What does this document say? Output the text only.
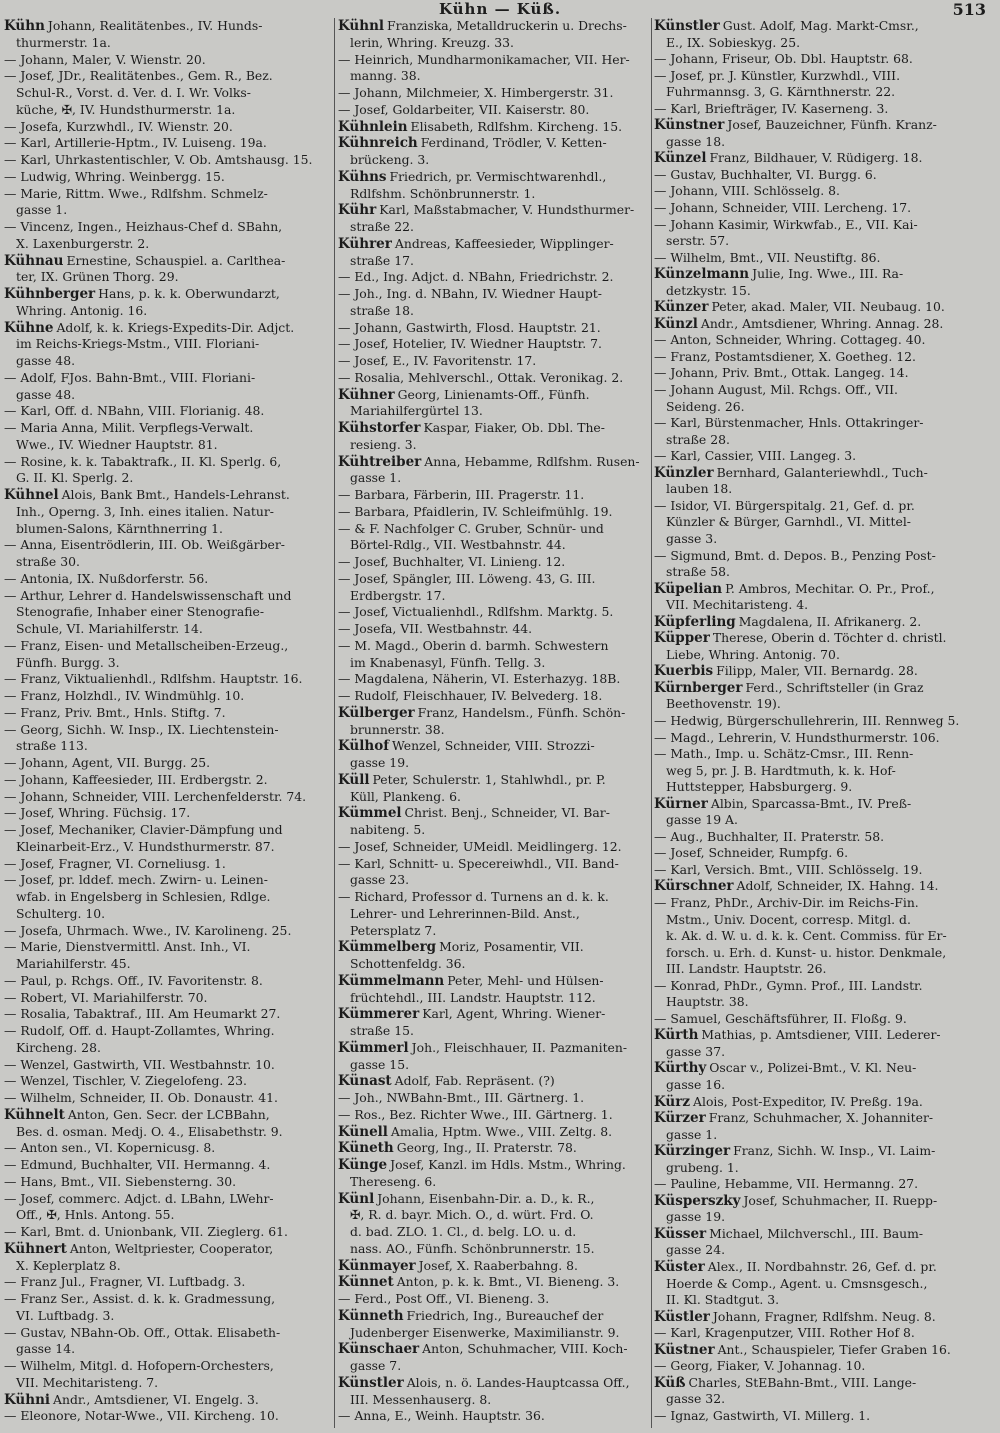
Kühn — Küß.	513
Kühn Johann, Realitätenbes., IV. Hunds-
thurmerstr. 1a.
— Johann, Maler, V. Wienstr. 20.
— Josef, JDr., Realitätenbes., Gem. R., Bez.
Schul-R., Vorst. d. Ver. d. I. Wr. Volks-
küche, ✠, IV. Hundsthurmerstr. 1a.
— Josefa, Kurzwhdl., IV. Wienstr. 20.
— Karl, Artillerie-Hptm., IV. Luiseng. 19a.
— Karl, Uhrkastentischler, V. Ob. Amtshausg. 15.
— Ludwig, Whring. Weinbergg. 15.
— Marie, Rittm. Wwe., Rdlfshm. Schmelz-
gasse 1.
— Vincenz, Ingen., Heizhaus-Chef d. SBahn,
X. Laxenburgerstr. 2.
Kühnau Ernestine, Schauspiel. a. Carlthea-
ter, IX. Grünen Thorg. 29.
Kühnberger Hans, p. k. k. Oberwundarzt,
Whring. Antonig. 16.
Kühne Adolf, k. k. Kriegs-Expedits-Dir. Adjct.
im Reichs-Kriegs-Mstm., VIII. Floriani-
gasse 48.
— Adolf, FJos. Bahn-Bmt., VIII. Floriani-
gasse 48.
— Karl, Off. d. NBahn, VIII. Florianig. 48.
— Maria Anna, Milit. Verpflegs-Verwalt.
Wwe., IV. Wiedner Hauptstr. 81.
— Rosine, k. k. Tabaktrafk., II. Kl. Sperlg. 6,
G. II. Kl. Sperlg. 2.
Kühnel Alois, Bank Bmt., Handels-Lehranst.
Inh., Operng. 3, Inh. eines italien. Natur-
blumen-Salons, Kärnthnerring 1.
— Anna, Eisentrödlerin, III. Ob. Weißgärber-
straße 30.
— Antonia, IX. Nußdorferstr. 56.
— Arthur, Lehrer d. Handelswissenschaft und
Stenografie, Inhaber einer Stenografie-
Schule, VI. Mariahilferstr. 14.
— Franz, Eisen- und Metallscheiben-Erzeug.,
Fünfh. Burgg. 3.
— Franz, Viktualienhdl., Rdlfshm. Hauptstr. 16.
— Franz, Holzhdl., IV. Windmühlg. 10.
— Franz, Priv. Bmt., Hnls. Stiftg. 7.
— Georg, Sichh. W. Insp., IX. Liechtenstein-
straße 113.
— Johann, Agent, VII. Burgg. 25.
— Johann, Kaffeesieder, III. Erdbergstr. 2.
— Johann, Schneider, VIII. Lerchenfelderstr. 74.
— Josef, Whring. Füchsig. 17.
— Josef, Mechaniker, Clavier-Dämpfung und
Kleinarbeit-Erz., V. Hundsthurmerstr. 87.
— Josef, Fragner, VI. Corneliusg. 1.
— Josef, pr. lddef. mech. Zwirn- u. Leinen-
wfab. in Engelsberg in Schlesien, Rdlge.
Schulterg. 10.
— Josefa, Uhrmach. Wwe., IV. Karolineng. 25.
— Marie, Dienstvermittl. Anst. Inh., VI.
Mariahilferstr. 45.
— Paul, p. Rchgs. Off., IV. Favoritenstr. 8.
— Robert, VI. Mariahilferstr. 70.
— Rosalia, Tabaktraf., III. Am Heumarkt 27.
— Rudolf, Off. d. Haupt-Zollamtes, Whring.
Kircheng. 28.
— Wenzel, Gastwirth, VII. Westbahnstr. 10.
— Wenzel, Tischler, V. Ziegelofeng. 23.
— Wilhelm, Schneider, II. Ob. Donaustr. 41.
Kühnelt Anton, Gen. Secr. der LCBBahn,
Bes. d. osman. Medj. O. 4., Elisabethstr. 9.
— Anton sen., VI. Kopernicusg. 8.
— Edmund, Buchhalter, VII. Hermanng. 4.
— Hans, Bmt., VII. Siebensterng. 30.
— Josef, commerc. Adjct. d. LBahn, LWehr-
Off., ✠, Hnls. Antong. 55.
— Karl, Bmt. d. Unionbank, VII. Zieglerg. 61.
Kühnert Anton, Weltpriester, Cooperator,
X. Keplerplatz 8.
— Franz Jul., Fragner, VI. Luftbadg. 3.
— Franz Ser., Assist. d. k. k. Gradmessung,
VI. Luftbadg. 3.
— Gustav, NBahn-Ob. Off., Ottak. Elisabeth-
gasse 14.
— Wilhelm, Mitgl. d. Hofopern-Orchesters,
VII. Mechitaristeng. 7.
Kühni Andr., Amtsdiener, VI. Engelg. 3.
— Eleonore, Notar-Wwe., VII. Kircheng. 10.
Kühnl Franziska, Metalldruckerin u. Drechs-
lerin, Whring. Kreuzg. 33.
— Heinrich, Mundharmonikamacher, VII. Her-
manng. 38.
— Johann, Milchmeier, X. Himbergerstr. 31.
— Josef, Goldarbeiter, VII. Kaiserstr. 80.
Kühnlein Elisabeth, Rdlfshm. Kircheng. 15.
Kühnreich Ferdinand, Trödler, V. Ketten-
brückeng. 3.
Kühns Friedrich, pr. Vermischtwarenhdl.,
Rdlfshm. Schönbrunnerstr. 1.
Kühr Karl, Maßstabmacher, V. Hundsthurmer-
straße 22.
Kührer Andreas, Kaffeesieder, Wipplinger-
straße 17.
— Ed., Ing. Adjct. d. NBahn, Friedrichstr. 2.
— Joh., Ing. d. NBahn, IV. Wiedner Haupt-
straße 18.
— Johann, Gastwirth, Flosd. Hauptstr. 21.
— Josef, Hotelier, IV. Wiedner Hauptstr. 7.
— Josef, E., IV. Favoritenstr. 17.
— Rosalia, Mehlverschl., Ottak. Veronikag. 2.
Kühner Georg, Linienamts-Off., Fünfh.
Mariahilfergürtel 13.
Kühstorfer Kaspar, Fiaker, Ob. Dbl. The-
resieng. 3.
Kühtreiber Anna, Hebamme, Rdlfshm. Rusen-
gasse 1.
— Barbara, Färberin, III. Pragerstr. 11.
— Barbara, Pfaidlerin, IV. Schleifmühlg. 19.
— & F. Nachfolger C. Gruber, Schnür- und
Börtel-Rdlg., VII. Westbahnstr. 44.
— Josef, Buchhalter, VI. Linieng. 12.
— Josef, Spängler, III. Löweng. 43, G. III.
Erdbergstr. 17.
— Josef, Victualienhdl., Rdlfshm. Marktg. 5.
— Josefa, VII. Westbahnstr. 44.
— M. Magd., Oberin d. barmh. Schwestern
im Knabenasyl, Fünfh. Tellg. 3.
— Magdalena, Näherin, VI. Esterhazyg. 18B.
— Rudolf, Fleischhauer, IV. Belvederg. 18.
Külberger Franz, Handelsm., Fünfh. Schön-
brunnerstr. 38.
Külhof Wenzel, Schneider, VIII. Strozzi-
gasse 19.
Küll Peter, Schulerstr. 1, Stahlwhdl., pr. P.
Küll, Plankeng. 6.
Kümmel Christ. Benj., Schneider, VI. Bar-
nabiteng. 5.
— Josef, Schneider, UMeidl. Meidlingerg. 12.
— Karl, Schnitt- u. Specereiwhdl., VII. Band-
gasse 23.
— Richard, Professor d. Turnens an d. k. k.
Lehrer- und Lehrerinnen-Bild. Anst.,
Petersplatz 7.
Kümmelberg Moriz, Posamentir, VII.
Schottenfeldg. 36.
Kümmelmann Peter, Mehl- und Hülsen-
früchtehdl., III. Landstr. Hauptstr. 112.
Kümmerer Karl, Agent, Whring. Wiener-
straße 15.
Kümmerl Joh., Fleischhauer, II. Pazmaniten-
gasse 15.
Künast Adolf, Fab. Repräsent. (?)
— Joh., NWBahn-Bmt., III. Gärtnerg. 1.
— Ros., Bez. Richter Wwe., III. Gärtnerg. 1.
Künell Amalia, Hptm. Wwe., VIII. Zeltg. 8.
Küneth Georg, Ing., II. Praterstr. 78.
Künge Josef, Kanzl. im Hdls. Mstm., Whring.
Thereseng. 6.
Künl Johann, Eisenbahn-Dir. a. D., k. R.,
✠, R. d. bayr. Mich. O., d. würt. Frd. O.
d. bad. ZLO. 1. Cl., d. belg. LO. u. d.
nass. AO., Fünfh. Schönbrunnerstr. 15.
Künmayer Josef, X. Raaberbahng. 8.
Künnet Anton, p. k. k. Bmt., VI. Bieneng. 3.
— Ferd., Post Off., VI. Bieneng. 3.
Künneth Friedrich, Ing., Bureauchef der
Judenberger Eisenwerke, Maximilianstr. 9.
Künschaer Anton, Schuhmacher, VIII. Koch-
gasse 7.
Künstler Alois, n. ö. Landes-Hauptcassa Off.,
III. Messenhauserg. 8.
— Anna, E., Weinh. Hauptstr. 36.
Künstler Gust. Adolf, Mag. Markt-Cmsr.,
E., IX. Sobieskyg. 25.
— Johann, Friseur, Ob. Dbl. Hauptstr. 68.
— Josef, pr. J. Künstler, Kurzwhdl., VIII.
Fuhrmannsg. 3, G. Kärnthnerstr. 22.
— Karl, Briefträger, IV. Kaserneng. 3.
Künstner Josef, Bauzeichner, Fünfh. Kranz-
gasse 18.
Künzel Franz, Bildhauer, V. Rüdigerg. 18.
— Gustav, Buchhalter, VI. Burgg. 6.
— Johann, VIII. Schlösselg. 8.
— Johann, Schneider, VIII. Lercheng. 17.
— Johann Kasimir, Wirkwfab., E., VII. Kai-
serstr. 57.
— Wilhelm, Bmt., VII. Neustiftg. 86.
Künzelmann Julie, Ing. Wwe., III. Ra-
detzkystr. 15.
Künzer Peter, akad. Maler, VII. Neubaug. 10.
Künzl Andr., Amtsdiener, Whring. Annag. 28.
— Anton, Schneider, Whring. Cottageg. 40.
— Franz, Postamtsdiener, X. Goetheg. 12.
— Johann, Priv. Bmt., Ottak. Langeg. 14.
— Johann August, Mil. Rchgs. Off., VII.
Seideng. 26.
— Karl, Bürstenmacher, Hnls. Ottakringer-
straße 28.
— Karl, Cassier, VIII. Langeg. 3.
Künzler Bernhard, Galanteriewhdl., Tuch-
lauben 18.
— Isidor, VI. Bürgerspitalg. 21, Gef. d. pr.
Künzler & Bürger, Garnhdl., VI. Mittel-
gasse 3.
— Sigmund, Bmt. d. Depos. B., Penzing Post-
straße 58.
Küpelian P. Ambros, Mechitar. O. Pr., Prof.,
VII. Mechitaristeng. 4.
Küpferling Magdalena, II. Afrikanerg. 2.
Küpper Therese, Oberin d. Töchter d. christl.
Liebe, Whring. Antonig. 70.
Kuerbis Filipp, Maler, VII. Bernardg. 28.
Kürnberger Ferd., Schriftsteller (in Graz
Beethovenstr. 19).
— Hedwig, Bürgerschullehrerin, III. Rennweg 5.
— Magd., Lehrerin, V. Hundsthurmerstr. 106.
— Math., Imp. u. Schätz-Cmsr., III. Renn-
weg 5, pr. J. B. Hardtmuth, k. k. Hof-
Huttstepper, Habsburgerg. 9.
Kürner Albin, Sparcassa-Bmt., IV. Preß-
gasse 19 A.
— Aug., Buchhalter, II. Praterstr. 58.
— Josef, Schneider, Rumpfg. 6.
— Karl, Versich. Bmt., VIII. Schlösselg. 19.
Kürschner Adolf, Schneider, IX. Hahng. 14.
— Franz, PhDr., Archiv-Dir. im Reichs-Fin.
Mstm., Univ. Docent, corresp. Mitgl. d.
k. Ak. d. W. u. d. k. k. Cent. Commiss. für Er-
forsch. u. Erh. d. Kunst- u. histor. Denkmale,
III. Landstr. Hauptstr. 26.
— Konrad, PhDr., Gymn. Prof., III. Landstr.
Hauptstr. 38.
— Samuel, Geschäftsführer, II. Floßg. 9.
Kürth Mathias, p. Amtsdiener, VIII. Lederer-
gasse 37.
Kürthy Oscar v., Polizei-Bmt., V. Kl. Neu-
gasse 16.
Kürz Alois, Post-Expeditor, IV. Preßg. 19a.
Kürzer Franz, Schuhmacher, X. Johanniter-
gasse 1.
Kürzinger Franz, Sichh. W. Insp., VI. Laim-
grubeng. 1.
— Pauline, Hebamme, VII. Hermanng. 27.
Küsperszky Josef, Schuhmacher, II. Ruepp-
gasse 19.
Küsser Michael, Milchverschl., III. Baum-
gasse 24.
Küster Alex., II. Nordbahnstr. 26, Gef. d. pr.
Hoerde & Comp., Agent. u. Cmsnsgesch.,
II. Kl. Stadtgut. 3.
Küstler Johann, Fragner, Rdlfshm. Neug. 8.
— Karl, Kragenputzer, VIII. Rother Hof 8.
Küstner Ant., Schauspieler, Tiefer Graben 16.
— Georg, Fiaker, V. Johannag. 10.
Küß Charles, StEBahn-Bmt., VIII. Lange-
gasse 32.
— Ignaz, Gastwirth, VI. Millerg. 1.
